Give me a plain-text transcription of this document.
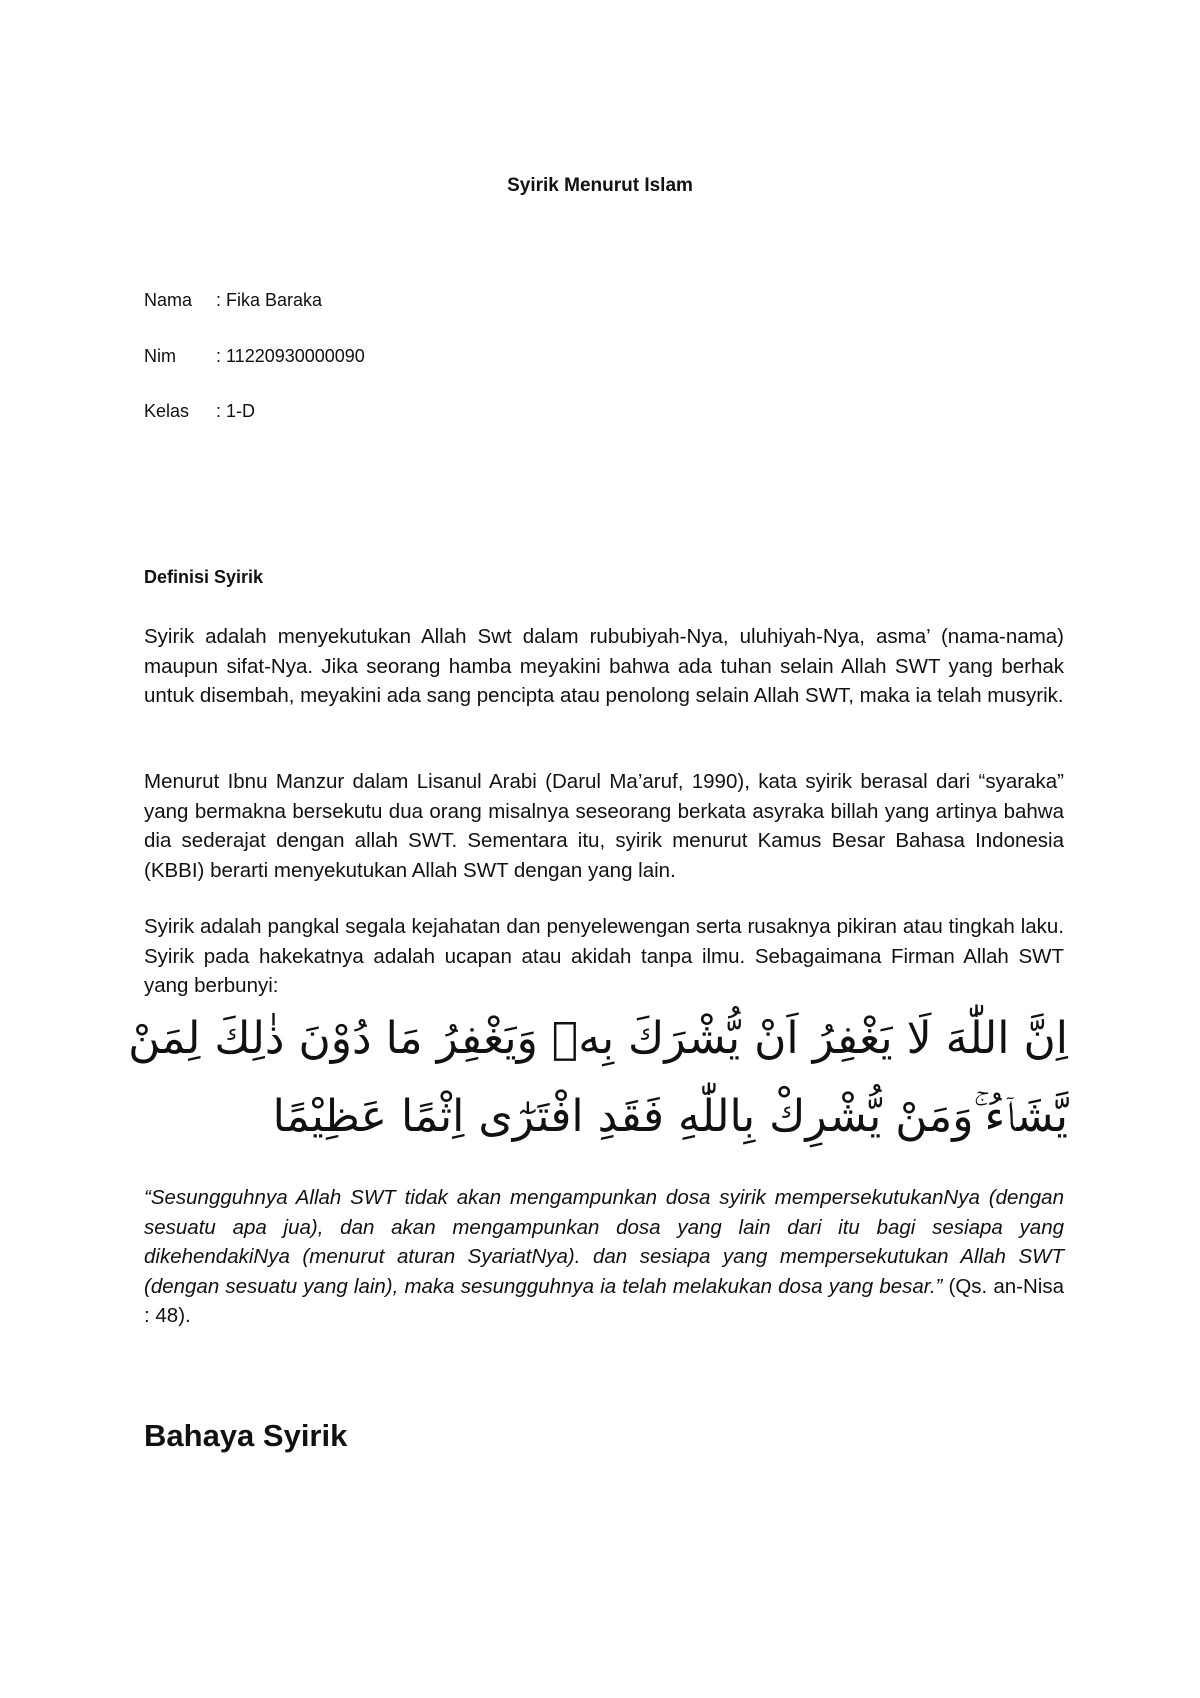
Syirik Menurut Islam
Nama : Fika Baraka
Nim : 11220930000090
Kelas : 1-D
Definisi Syirik

Syirik adalah menyekutukan Allah Swt dalam rububiyah-Nya, uluhiyah-Nya, asma’ (nama-nama) maupun sifat-Nya. Jika seorang hamba meyakini bahwa ada tuhan selain Allah SWT yang berhak untuk disembah, meyakini ada sang pencipta atau penolong selain Allah SWT, maka ia telah musyrik.

Menurut Ibnu Manzur dalam Lisanul Arabi (Darul Ma’aruf, 1990), kata syirik berasal dari “syaraka” yang bermakna bersekutu dua orang misalnya seseorang berkata asyraka billah yang artinya bahwa dia sederajat dengan allah SWT. Sementara itu, syirik menurut Kamus Besar Bahasa Indonesia (KBBI) berarti menyekutukan Allah SWT dengan yang lain.

Syirik adalah pangkal segala kejahatan dan penyelewengan serta rusaknya pikiran atau tingkah laku. Syirik pada hakekatnya adalah ucapan atau akidah tanpa ilmu. Sebagaimana Firman Allah SWT yang berbunyi:

اِنَّ اللّٰهَ لَا يَغْفِرُ اَنْ يُّشْرَكَ بِهٖ وَيَغْفِرُ مَا دُوْنَ ذٰلِكَ لِمَنْ

يَّشَاۤءُ ۚوَمَنْ يُّشْرِكْ بِاللّٰهِ فَقَدِ افْتَرٰٓى اِثْمًا عَظِيْمًا

“Sesungguhnya Allah SWT tidak akan mengampunkan dosa syirik mempersekutukanNya (dengan sesuatu apa jua), dan akan mengampunkan dosa yang lain dari itu bagi sesiapa yang dikehendakiNya (menurut aturan SyariatNya). dan sesiapa yang mempersekutukan Allah SWT (dengan sesuatu yang lain), maka sesungguhnya ia telah melakukan dosa yang besar.” (Qs. an-Nisa : 48).

Bahaya Syirik
